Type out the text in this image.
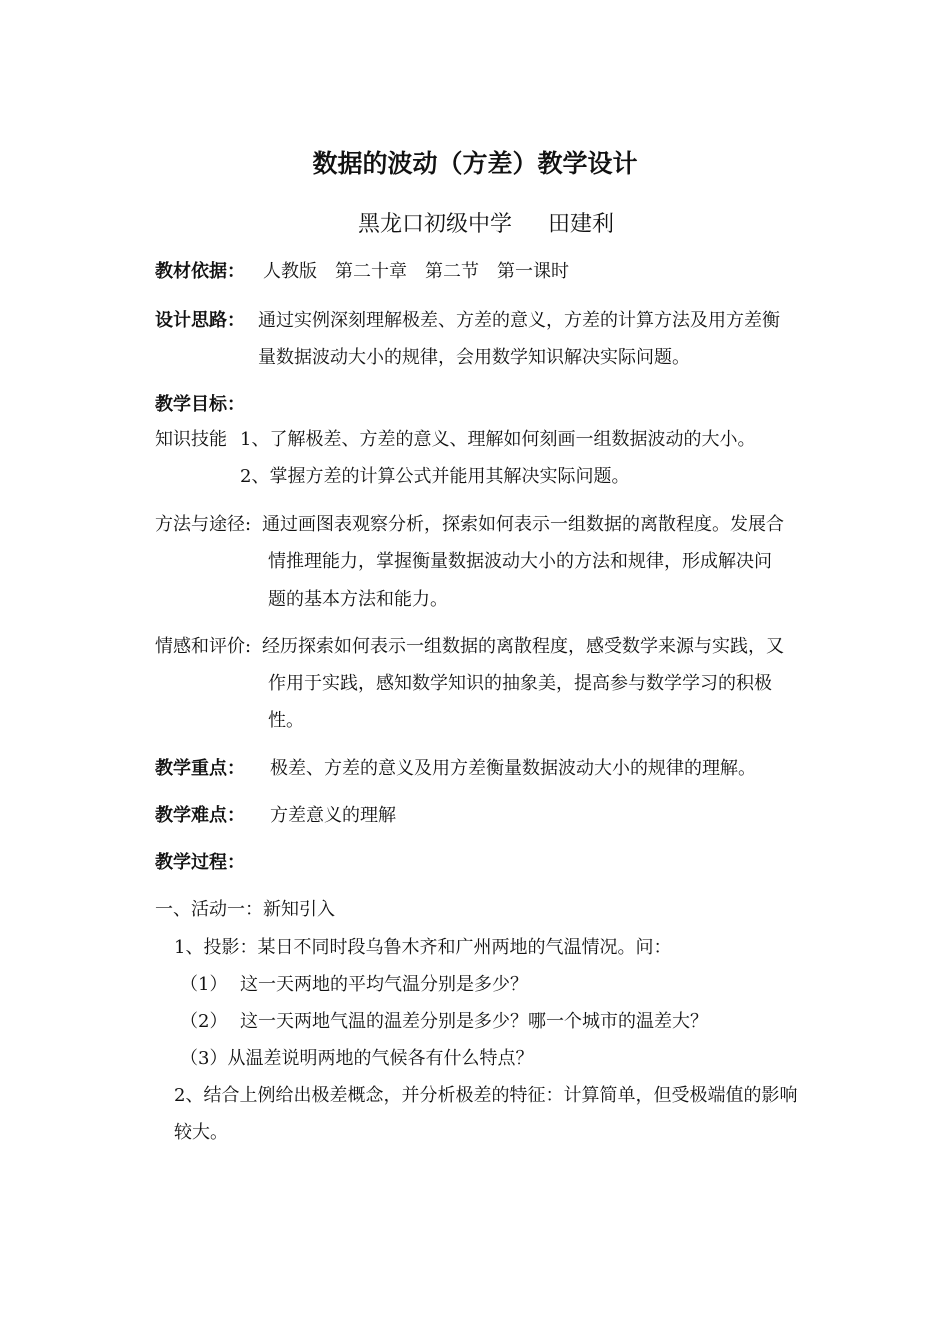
数据的波动（方差）教学设计
黑龙口初级中学 田建利
教材依据： 人教版 第二十章 第二节 第一课时
设计思路： 通过实例深刻理解极差、方差的意义，方差的计算方法及用方差衡
量数据波动大小的规律，会用数学知识解决实际问题。
教学目标：
知识技能 1、了解极差、方差的意义、理解如何刻画一组数据波动的大小。
2、掌握方差的计算公式并能用其解决实际问题。
方法与途径: 通过画图表观察分析，探索如何表示一组数据的离散程度。发展合
情推理能力，掌握衡量数据波动大小的方法和规律，形成解决问
题的基本方法和能力。
情感和评价: 经历探索如何表示一组数据的离散程度，感受数学来源与实践，又
作用于实践，感知数学知识的抽象美，提高参与数学学习的积极
性。
教学重点： 极差、方差的意义及用方差衡量数据波动大小的规律的理解。
教学难点： 方差意义的理解
教学过程：
一、活动一：新知引入
1、投影：某日不同时段乌鲁木齐和广州两地的气温情况。问：
（1） 这一天两地的平均气温分别是多少？
（2） 这一天两地气温的温差分别是多少？哪一个城市的温差大？
（3）从温差说明两地的气候各有什么特点？
2、结合上例给出极差概念，并分析极差的特征：计算简单，但受极端值的影响
较大。
